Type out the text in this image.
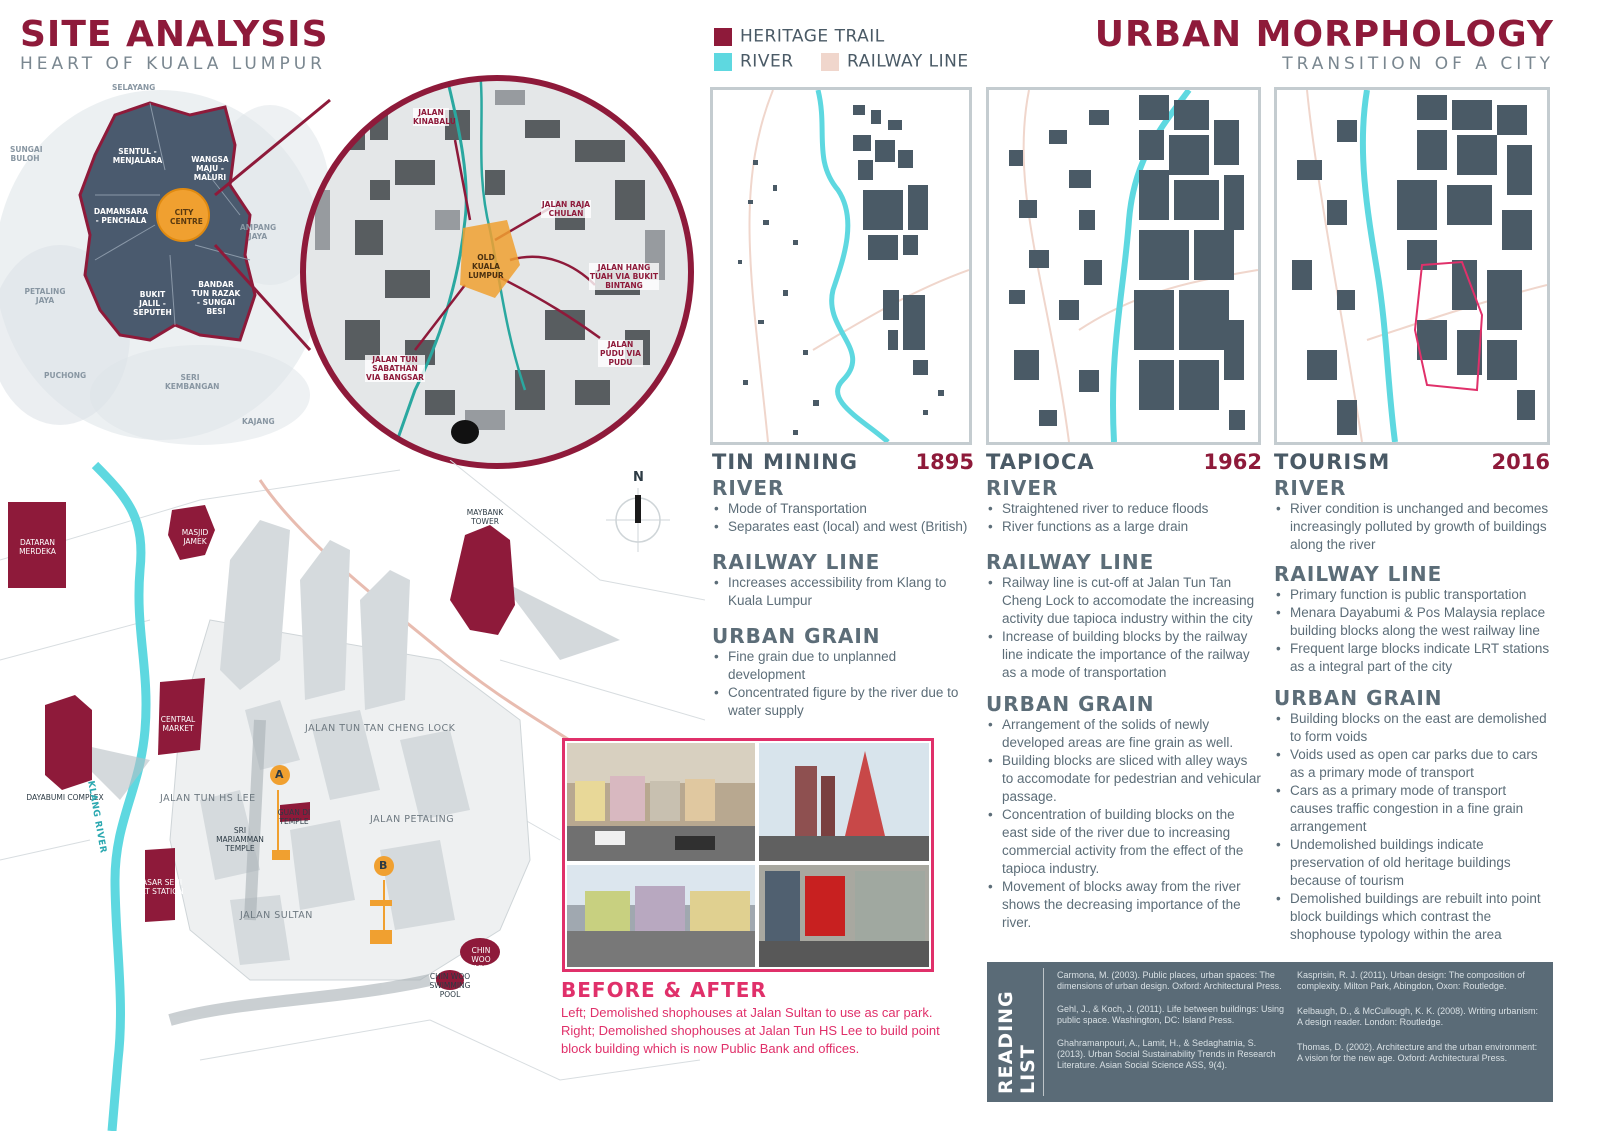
SITE ANALYSIS
HEART OF KUALA LUMPUR
URBAN MORPHOLOGY
TRANSITION OF A CITY
HERITAGE TRAIL
RIVER	RAILWAY LINE
SELAYANG
SUNGAI BULOH
SENTUL - MENJALARA	WANGSA MAJU - MALURI
CITY CENTRE
DAMANSARA - PENCHALA
AMPANG JAYA
PETALING JAYA
BUKIT JALIL - SEPUTEH
BANDAR TUN RAZAK - SUNGAI BESI
PUCHONG	SERI KEMBANGAN
KAJANG
JALAN KINABALU
JALAN RAJA CHULAN
OLD KUALA LUMPUR
JALAN HANG TUAH VIA BUKIT BINTANG
JALAN PUDU VIA PUDU
JALAN TUN SABATHAN VIA BANGSAR
N
DATARAN MERDEKA
MASJID JAMEK
MAYBANK TOWER
CENTRAL MARKET
DAYABUMI COMPLEX
GUAN DI TEMPLE
SRI MARIAMMAN TEMPLE
PASAR SENI LRT STATION
CHIN WOO STADIUM
CHIN WOO SWIMMING POOL
JALAN TUN TAN CHENG LOCK
JALAN TUN HS LEE
JALAN PETALING
JALAN SULTAN
KLANG RIVER
A
B
BEFORE & AFTER
Left; Demolished shophouses at Jalan Sultan to use as car park.
Right; Demolished shophouses at Jalan Tun HS Lee to build point
block building which is now Public Bank and offices.
TIN MINING	1895
RIVER
• Mode of Transportation
• Separates east (local) and west (British)
RAILWAY LINE
• Increases accessibility from Klang to Kuala Lumpur
URBAN GRAIN
• Fine grain due to unplanned development
• Concentrated figure by the river due to water supply
TAPIOCA	1962
RIVER
• Straightened river to reduce floods
• River functions as a large drain
RAILWAY LINE
• Railway line is cut-off at Jalan Tun Tan Cheng Lock to accomodate the increasing activity due tapioca industry within the city
• Increase of building blocks by the railway line indicate the importance of the railway as a mode of transportation
URBAN GRAIN
• Arrangement of the solids of newly developed areas are fine grain as well.
• Building blocks are sliced with alley ways to accomodate for pedestrian and vehicular passage.
• Concentration of building blocks on the east side of the river due to increasing commercial activity from the effect of the tapioca industry.
• Movement of blocks away from the river shows the decreasing importance of the river.
TOURISM	2016
RIVER
• River condition is unchanged and becomes increasingly polluted by growth of buildings along the river
RAILWAY LINE
• Primary function is public transportation
• Menara Dayabumi & Pos Malaysia replace building blocks along the west railway line
• Frequent large blocks indicate LRT stations as a integral part of the city
URBAN GRAIN
• Building blocks on the east are demolished to form voids
• Voids used as open car parks due to cars as a primary mode of transport
• Cars as a primary mode of transport causes traffic congestion in a fine grain arrangement
• Undemolished buildings indicate preservation of old heritage buildings because of tourism
• Demolished buildings are rebuilt into point block buildings which contrast the shophouse typology within the area
READING LIST
Carmona, M. (2003). Public places, urban spaces: The dimensions of urban design. Oxford: Architectural Press.
Gehl, J., & Koch, J. (2011). Life between buildings: Using public space. Washington, DC: Island Press.
Ghahramanpouri, A., Lamit, H., & Sedaghatnia, S. (2013). Urban Social Sustainability Trends in Research Literature. Asian Social Science ASS, 9(4).
Kasprisin, R. J. (2011). Urban design: The composition of complexity. Milton Park, Abingdon, Oxon: Routledge.
Kelbaugh, D., & McCullough, K. K. (2008). Writing urbanism: A design reader. London: Routledge.
Thomas, D. (2002). Architecture and the urban environment: A vision for the new age. Oxford: Architectural Press.
